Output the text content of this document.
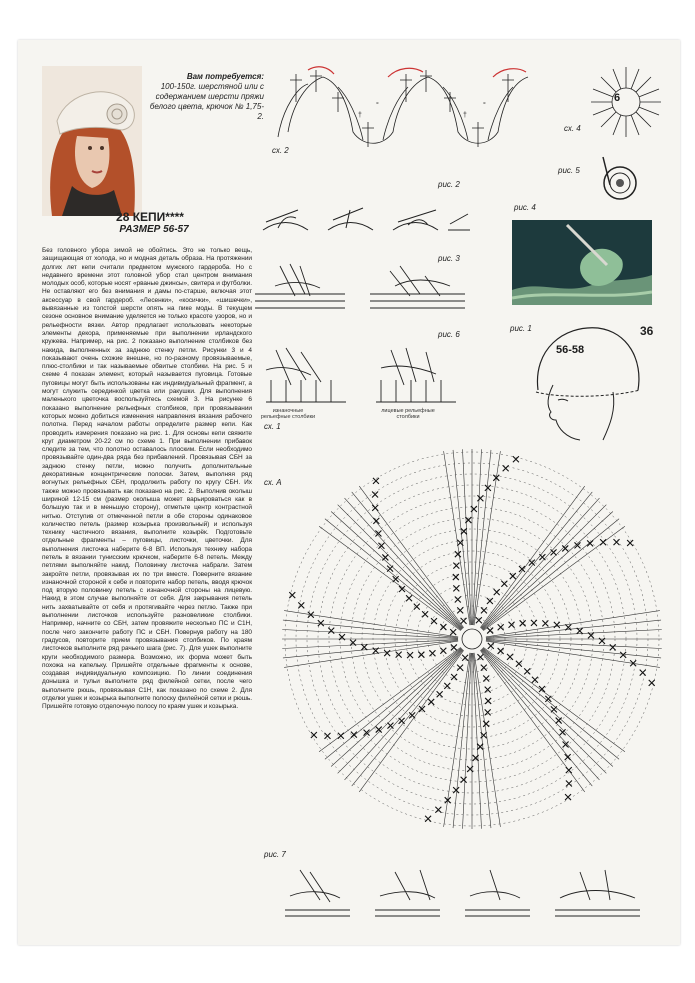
Вам потребуется:
100-150г. шерстяной или с содержанием шерсти пряжи белого цвета, крючок № 1,75-2.
28 КЕПИ****
РАЗМЕР 56-57
Без головного убора зимой не обойтись. Это не только вещь, защищающая от холода, но и модная деталь образа. На протяжении долгих лет кепи считали предметом мужского гардероба. Но с недавнего времени этот головной убор стал центром внимания молодых особ, которые носят «рваные джинсы», свитера и футболки. Не оставляют его без внимания и дамы по-старше, включая этот аксессуар в свой гардероб. «Лесенки», «косички», «шишечки», вывязанные из толстой шерсти опять на пике моды. В текущем сезоне основное внимание уделяется не только красоте узоров, но и рельефности вязки. Автор предлагает использовать некоторые элементы декора, применяемые при выполнении ирландского кружева. Например, на рис. 2 показано выполнение столбиков без накида, выполненных за заднюю стенку петли. Рисунки 3 и 4 показывают очень схожие внешне, но по-разному провязываемые, плюс-столбики и так называемые обвитые столбики. На рис. 5 и схеме 4 показан элемент, который называется пуговица. Готовые пуговицы могут быть использованы как индивидуальный фрагмент, а могут служить серединкой цветка или ракушки. Для выполнения маленького цветочка воспользуйтесь схемой 3. На рисунке 6 показано выполнение рельефных столбиков, при провязывании которых можно добиться изменения направления вязания рабочего полотна. Перед началом работы определите размер кепи. Как проводить измерения показано на рис. 1. Для основы кепи свяжите круг диаметром 20-22 см по схеме 1. При выполнении прибавок следите за тем, что полотно оставалось плоским. Если необходимо провязывайте один-два ряда без прибавлений. Провязывая СБН за заднюю стенку петли, можно получить дополнительные декоративные концентрические полоски. Затем, выполняя ряд вогнутых рельефных СБН, продолжить работу по кругу СБН. Их также можно провязывать как показано на рис. 2. Выполнив околыш шириной 12-15 см (размер околыша может варьироваться как в большую так и в меньшую сторону), отметьте центр контрастной нитью. Отступив от отмеченной петли в обе стороны одинаковое количество петель (размер козырька произвольный) и используя технику частичного вязания, выполните козырёк. Подготовьте отдельные фрагменты – пуговицы, листочки, цветочки. Для выполнения листочка наберите 6-8 ВП. Используя технику набора петель в вязании тунисским крючком, наберите 6-8 петель. Между петлями выполняйте накид. Половинку листочка набрали. Затем закройте петли, провязывая их по три вместе. Поверните вязание изнаночной стороной к себе и повторите набор петель, вводя крючок под вторую половинку петель с изнаночной стороны на лицевую. Накид в этом случае выполняйте от себя. Для закрывания петель нить захватывайте от себя и протягивайте через петлю. Также при выполнении листочков используйте разновеликие столбики. Например, начните со СБН, затем провяжите несколько ПС и С1Н, после чего закончите работу ПС и СБН. Повернув работу на 180 градусов, повторите прием провязывания столбиков. По краям листочков выполните ряд рачьего шага (рис. 7). Для ушек выполните круги необходимого размера. Возможно, их форма может быть похожа на капельку. Пришейте отдельные фрагменты к основе, создавая индивидуальную композицию. По линии соединения донышка и тульи выполните ряд филейной сетки, после чего выполните рюшь, провязывая С1Н, как показано по схеме 2. Для отделки ушек и козырька выполните полоску филейной сетки и рюшь. Пришейте готовую отделочную полосу по краям ушек и козырька.
†
°
†
°
сх. 2
6
сх. 4
рис. 5
рис. 2
рис. 4
рис. 3
рис. 1	36
56-58
рис. 6
изнаночные рельефные столбики
лицевые рельефные столбики
сх. 1
сх. A
рис. 7
